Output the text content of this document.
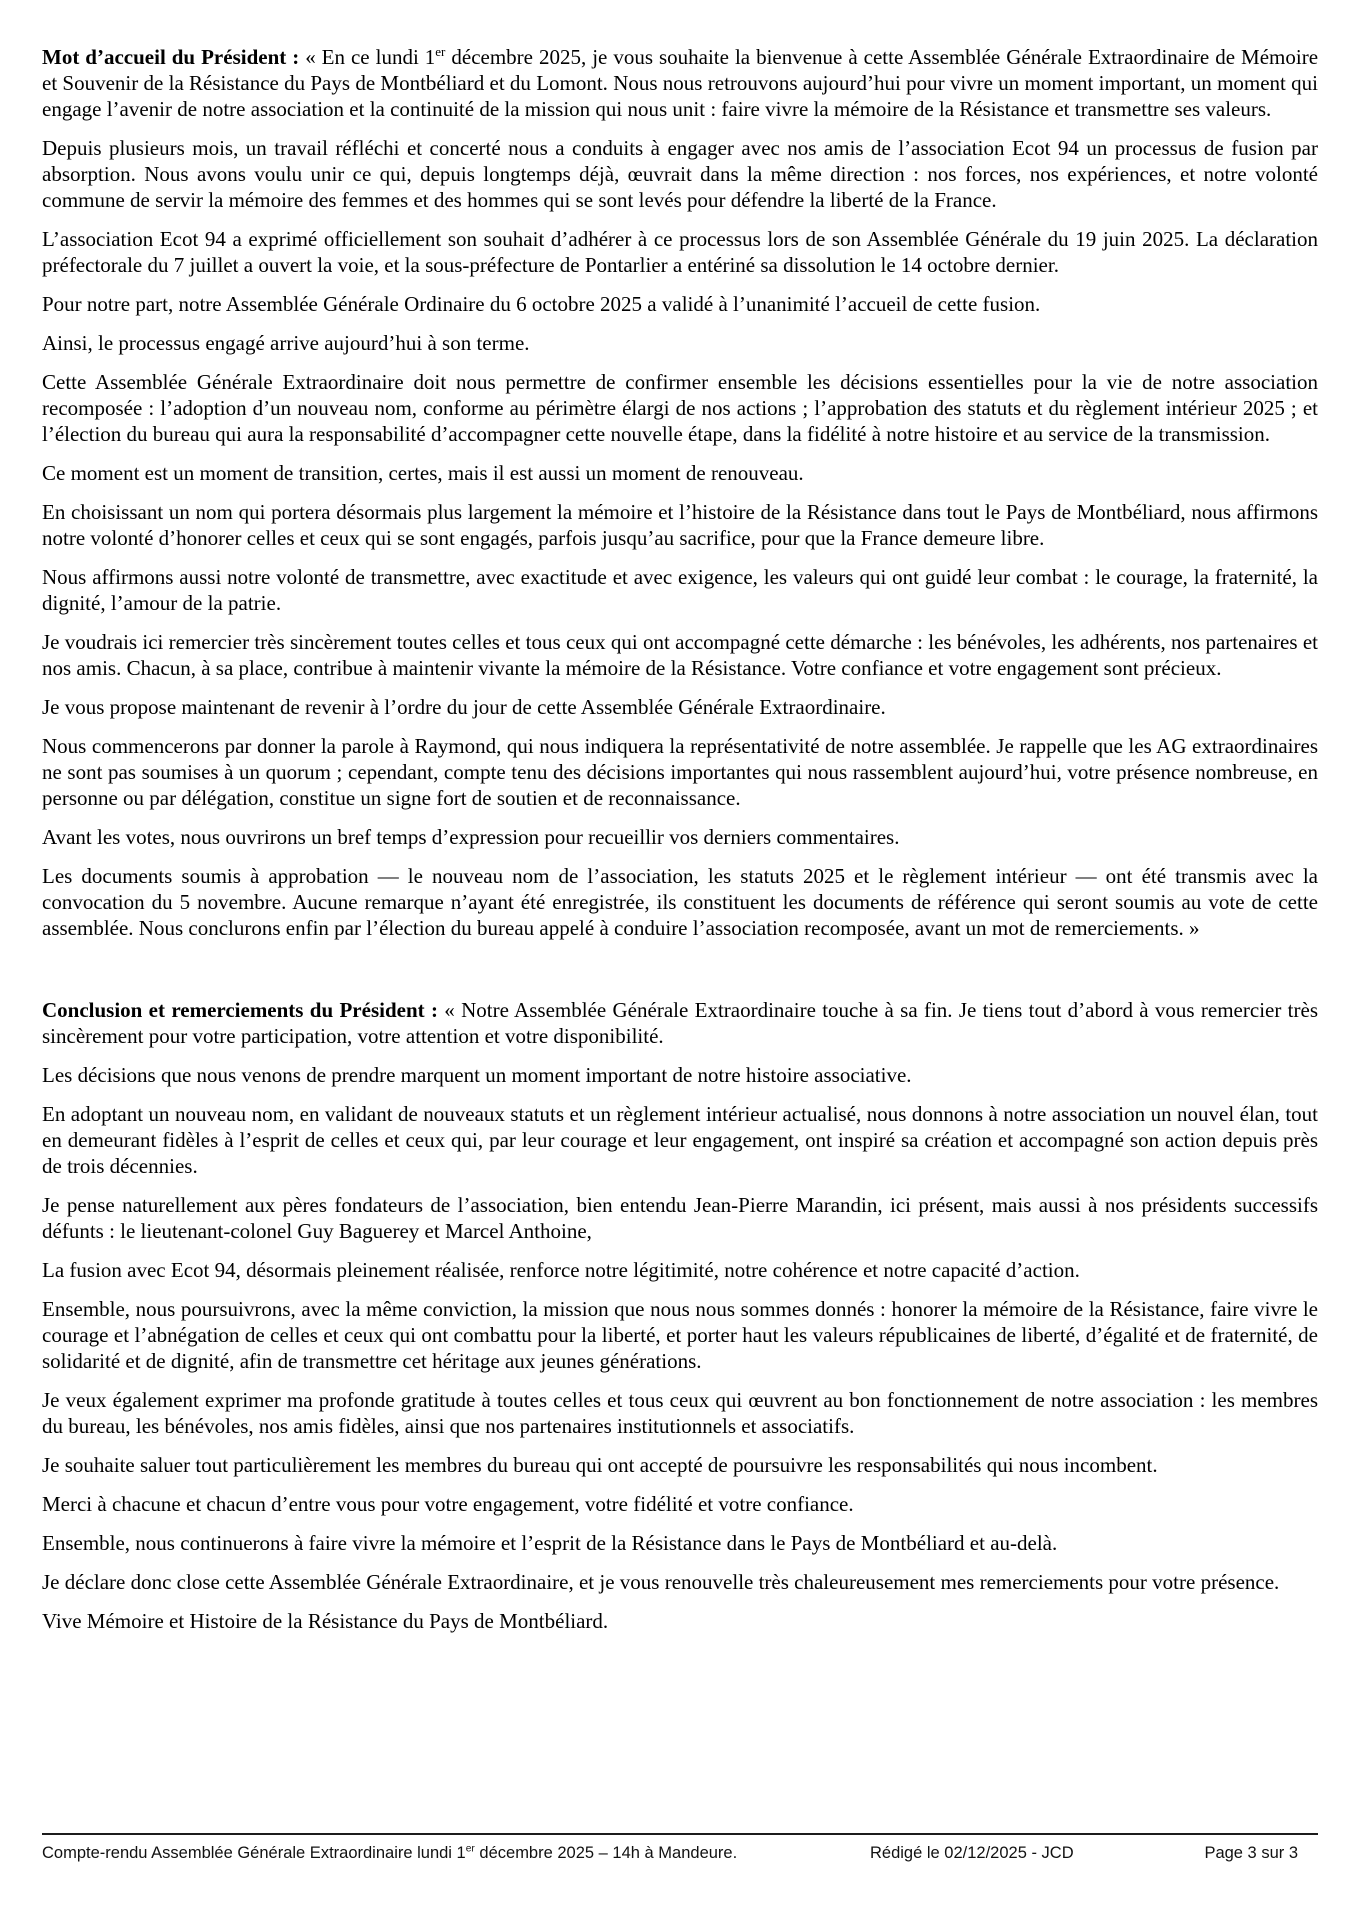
Mot d’accueil du Président : « En ce lundi 1er décembre 2025, je vous souhaite la bienvenue à cette Assemblée Générale Extraordinaire de Mémoire et Souvenir de la Résistance du Pays de Montbéliard et du Lomont. Nous nous retrouvons aujourd’hui pour vivre un moment important, un moment qui engage l’avenir de notre association et la continuité de la mission qui nous unit : faire vivre la mémoire de la Résistance et transmettre ses valeurs.

Depuis plusieurs mois, un travail réfléchi et concerté nous a conduits à engager avec nos amis de l’association Ecot 94 un processus de fusion par absorption. Nous avons voulu unir ce qui, depuis longtemps déjà, œuvrait dans la même direction : nos forces, nos expériences, et notre volonté commune de servir la mémoire des femmes et des hommes qui se sont levés pour défendre la liberté de la France.

L’association Ecot 94 a exprimé officiellement son souhait d’adhérer à ce processus lors de son Assemblée Générale du 19 juin 2025. La déclaration préfectorale du 7 juillet a ouvert la voie, et la sous-préfecture de Pontarlier a entériné sa dissolution le 14 octobre dernier.

Pour notre part, notre Assemblée Générale Ordinaire du 6 octobre 2025 a validé à l’unanimité l’accueil de cette fusion.

Ainsi, le processus engagé arrive aujourd’hui à son terme.

Cette Assemblée Générale Extraordinaire doit nous permettre de confirmer ensemble les décisions essentielles pour la vie de notre association recomposée : l’adoption d’un nouveau nom, conforme au périmètre élargi de nos actions ; l’approbation des statuts et du règlement intérieur 2025 ; et l’élection du bureau qui aura la responsabilité d’accompagner cette nouvelle étape, dans la fidélité à notre histoire et au service de la transmission.

Ce moment est un moment de transition, certes, mais il est aussi un moment de renouveau.

En choisissant un nom qui portera désormais plus largement la mémoire et l’histoire de la Résistance dans tout le Pays de Montbéliard, nous affirmons notre volonté d’honorer celles et ceux qui se sont engagés, parfois jusqu’au sacrifice, pour que la France demeure libre.

Nous affirmons aussi notre volonté de transmettre, avec exactitude et avec exigence, les valeurs qui ont guidé leur combat : le courage, la fraternité, la dignité, l’amour de la patrie.

Je voudrais ici remercier très sincèrement toutes celles et tous ceux qui ont accompagné cette démarche : les bénévoles, les adhérents, nos partenaires et nos amis. Chacun, à sa place, contribue à maintenir vivante la mémoire de la Résistance. Votre confiance et votre engagement sont précieux.

Je vous propose maintenant de revenir à l’ordre du jour de cette Assemblée Générale Extraordinaire.

Nous commencerons par donner la parole à Raymond, qui nous indiquera la représentativité de notre assemblée. Je rappelle que les AG extraordinaires ne sont pas soumises à un quorum ; cependant, compte tenu des décisions importantes qui nous rassemblent aujourd’hui, votre présence nombreuse, en personne ou par délégation, constitue un signe fort de soutien et de reconnaissance.

Avant les votes, nous ouvrirons un bref temps d’expression pour recueillir vos derniers commentaires.

Les documents soumis à approbation — le nouveau nom de l’association, les statuts 2025 et le règlement intérieur — ont été transmis avec la convocation du 5 novembre. Aucune remarque n’ayant été enregistrée, ils constituent les documents de référence qui seront soumis au vote de cette assemblée. Nous conclurons enfin par l’élection du bureau appelé à conduire l’association recomposée, avant un mot de remerciements. »

Conclusion et remerciements du Président : « Notre Assemblée Générale Extraordinaire touche à sa fin. Je tiens tout d’abord à vous remercier très sincèrement pour votre participation, votre attention et votre disponibilité.

Les décisions que nous venons de prendre marquent un moment important de notre histoire associative.

En adoptant un nouveau nom, en validant de nouveaux statuts et un règlement intérieur actualisé, nous donnons à notre association un nouvel élan, tout en demeurant fidèles à l’esprit de celles et ceux qui, par leur courage et leur engagement, ont inspiré sa création et accompagné son action depuis près de trois décennies.

Je pense naturellement aux pères fondateurs de l’association, bien entendu Jean-Pierre Marandin, ici présent, mais aussi à nos présidents successifs défunts : le lieutenant-colonel Guy Baguerey et Marcel Anthoine,

La fusion avec Ecot 94, désormais pleinement réalisée, renforce notre légitimité, notre cohérence et notre capacité d’action.

Ensemble, nous poursuivrons, avec la même conviction, la mission que nous nous sommes donnés : honorer la mémoire de la Résistance, faire vivre le courage et l’abnégation de celles et ceux qui ont combattu pour la liberté, et porter haut les valeurs républicaines de liberté, d’égalité et de fraternité, de solidarité et de dignité, afin de transmettre cet héritage aux jeunes générations.

Je veux également exprimer ma profonde gratitude à toutes celles et tous ceux qui œuvrent au bon fonctionnement de notre association : les membres du bureau, les bénévoles, nos amis fidèles, ainsi que nos partenaires institutionnels et associatifs.

Je souhaite saluer tout particulièrement les membres du bureau qui ont accepté de poursuivre les responsabilités qui nous incombent.

Merci à chacune et chacun d’entre vous pour votre engagement, votre fidélité et votre confiance.

Ensemble, nous continuerons à faire vivre la mémoire et l’esprit de la Résistance dans le Pays de Montbéliard et au-delà.

Je déclare donc close cette Assemblée Générale Extraordinaire, et je vous renouvelle très chaleureusement mes remerciements pour votre présence.

Vive Mémoire et Histoire de la Résistance du Pays de Montbéliard.

Compte-rendu Assemblée Générale Extraordinaire lundi 1er décembre 2025 – 14h à Mandeure.	Rédigé le 02/12/2025 - JCD	Page 3 sur 3
